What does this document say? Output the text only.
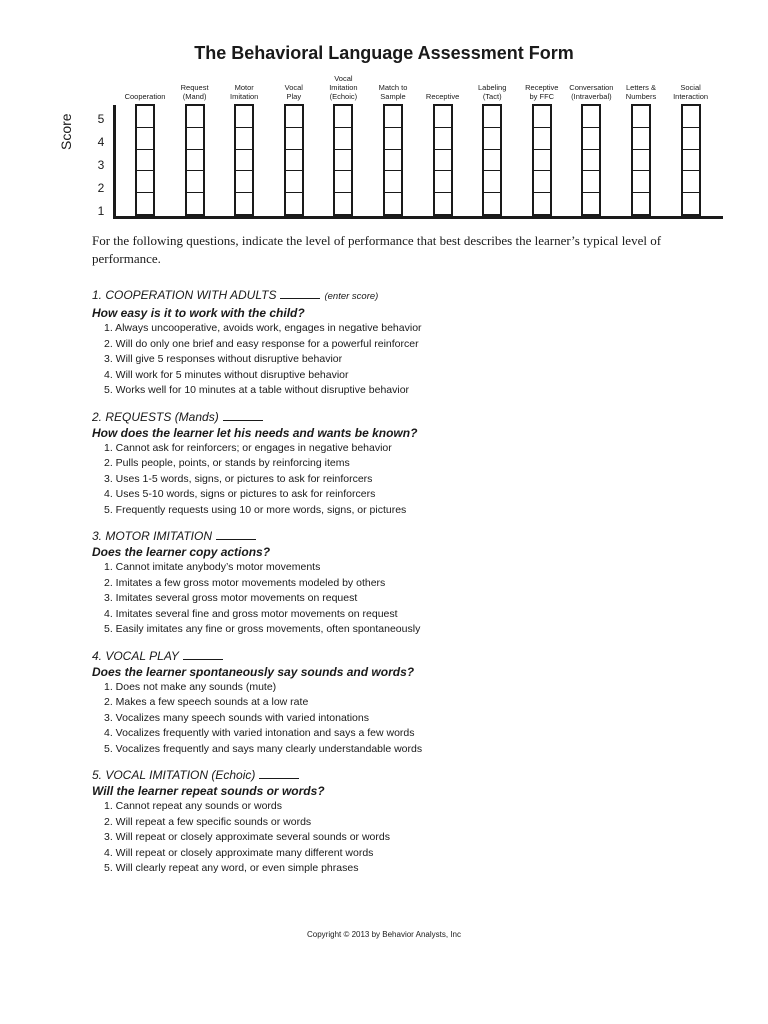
The Behavioral Language Assessment Form
Score	5
4
3
2
1
Cooperation
Request
(Mand)
Motor
Imitation
Vocal
Play
Vocal
Imitation
(Echoic)
Match to
Sample	Receptive
Labeling
(Tact)
Receptive
by FFC
Conversation
(Intraverbal)
Letters &
Numbers
Social
Interaction
For the following questions, indicate the level of performance that best describes the learner’s typical level of performance.
1. COOPERATION WITH ADULTS	(enter score)
How easy is it to work with the child?
1. Always uncooperative, avoids work, engages in negative behavior
2. Will do only one brief and easy response for a powerful reinforcer
3. Will give 5 responses without disruptive behavior
4. Will work for 5 minutes without disruptive behavior
5. Works well for 10 minutes at a table without disruptive behavior
2. REQUESTS (Mands)
How does the learner let his needs and wants be known?
1. Cannot ask for reinforcers; or engages in negative behavior
2. Pulls people, points, or stands by reinforcing items
3. Uses 1-5 words, signs, or pictures to ask for reinforcers
4. Uses 5-10 words, signs or pictures to ask for reinforcers
5. Frequently requests using 10 or more words, signs, or pictures
3. MOTOR IMITATION
Does the learner copy actions?
1. Cannot imitate anybody’s motor movements
2. Imitates a few gross motor movements modeled by others
3. Imitates several gross motor movements on request
4. Imitates several fine and gross motor movements on request
5. Easily imitates any fine or gross movements, often spontaneously
4. VOCAL PLAY
Does the learner spontaneously say sounds and words?
1. Does not make any sounds (mute)
2. Makes a few speech sounds at a low rate
3. Vocalizes many speech sounds with varied intonations
4. Vocalizes frequently with varied intonation and says a few words
5. Vocalizes frequently and says many clearly understandable words
5. VOCAL IMITATION (Echoic)
Will the learner repeat sounds or words?
1. Cannot repeat any sounds or words
2. Will repeat a few specific sounds or words
3. Will repeat or closely approximate several sounds or words
4. Will repeat or closely approximate many different words
5. Will clearly repeat any word, or even simple phrases
Copyright © 2013 by Behavior Analysts, Inc
